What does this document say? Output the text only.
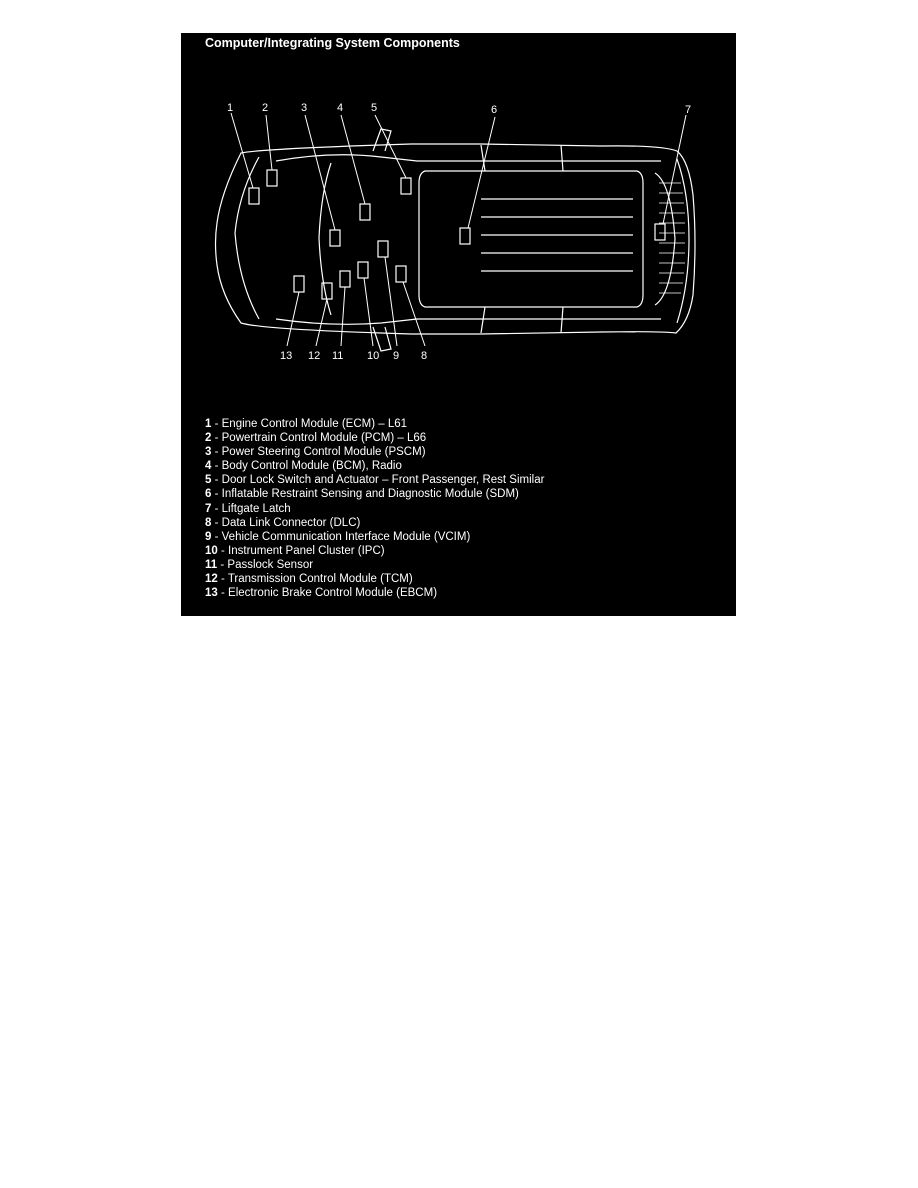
Computer/Integrating System Components
1	2	3	4	5	6	7
8
9
10
11
12
13
1 - Engine Control Module (ECM) – L61
2 - Powertrain Control Module (PCM) – L66
3 - Power Steering Control Module (PSCM)
4 - Body Control Module (BCM), Radio
5 - Door Lock Switch and Actuator – Front Passenger, Rest Similar
6 - Inflatable Restraint Sensing and Diagnostic Module (SDM)
7 - Liftgate Latch
8 - Data Link Connector (DLC)
9 - Vehicle Communication Interface Module (VCIM)
10 - Instrument Panel Cluster (IPC)
11 - Passlock Sensor
12 - Transmission Control Module (TCM)
13 - Electronic Brake Control Module (EBCM)
